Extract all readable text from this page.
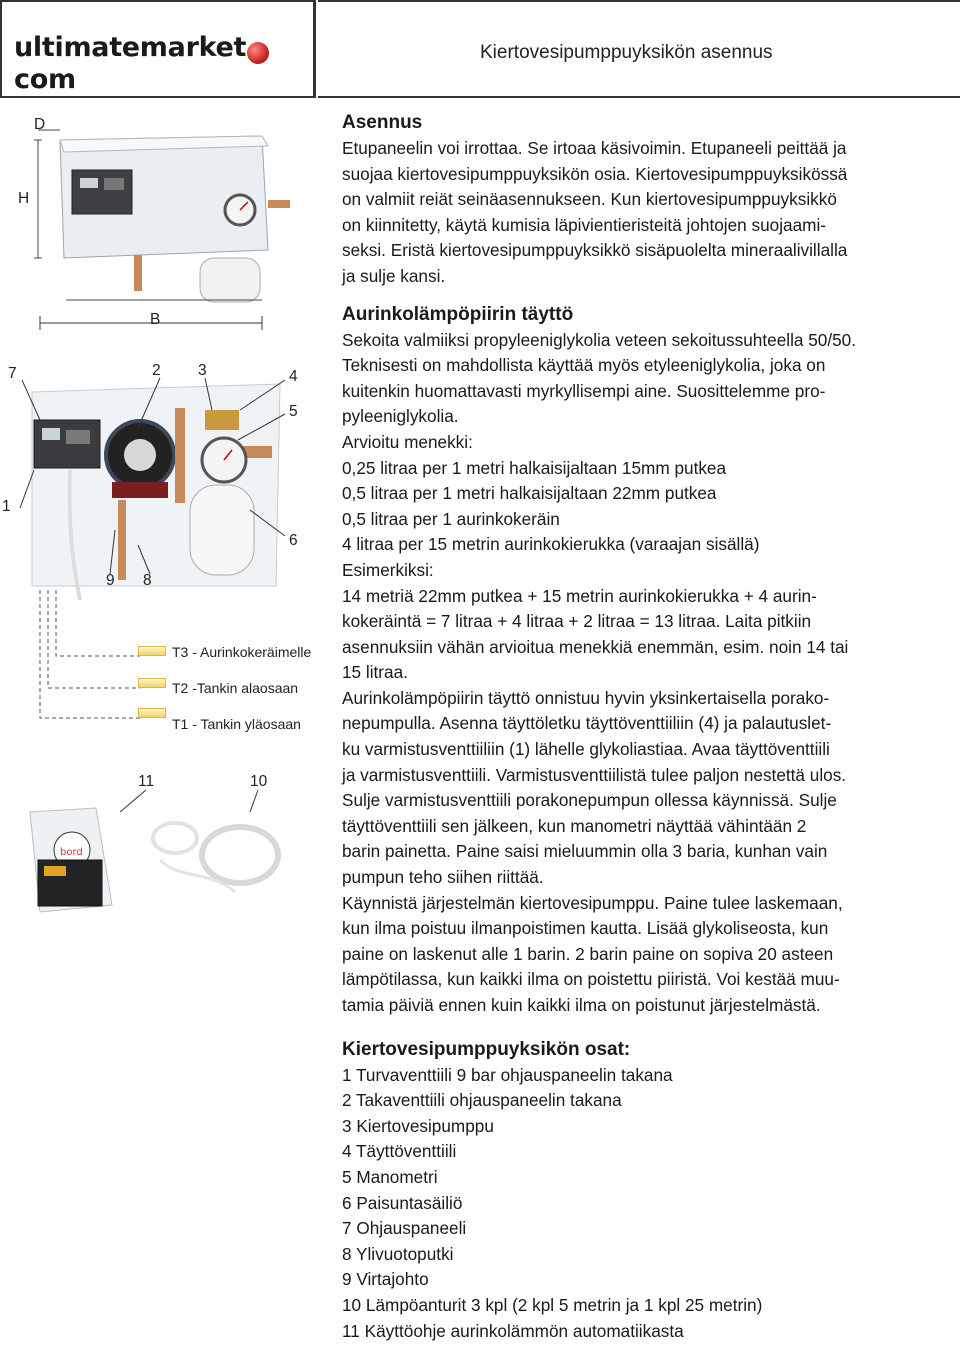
ultimatemarketcom
Kiertovesipumppuyksikön asennus
bord
D
H
B
7	2 3	4
5
1
6
9 8
11	10
T3 - Aurinkokeräimelle
T2 -Tankin alaosaan
T1 - Tankin yläosaan
Asennus

Etupaneelin voi irrottaa. Se irtoaa käsivoimin. Etupaneeli peittää ja

suojaa kiertovesipumppuyksikön osia. Kiertovesipumppuyksikössä

on valmiit reiät seinäasennukseen. Kun kiertovesipumppuyksikkö

on kiinnitetty, käytä kumisia läpivientieristeitä johtojen suojaami-

seksi. Eristä kiertovesipumppuyksikkö sisäpuolelta mineraalivillalla

ja sulje kansi.

Aurinkolämpöpiirin täyttö

Sekoita valmiiksi propyleeniglykolia veteen sekoitussuhteella 50/50.

Teknisesti on mahdollista käyttää myös etyleeniglykolia, joka on

kuitenkin huomattavasti myrkyllisempi aine. Suosittelemme pro-

pyleeniglykolia.

Arvioitu menekki:

0,25 litraa per 1 metri halkaisijaltaan 15mm putkea

0,5 litraa per 1 metri halkaisijaltaan 22mm putkea

0,5 litraa per 1 aurinkokeräin

4 litraa per 15 metrin aurinkokierukka (varaajan sisällä)

Esimerkiksi:

14 metriä 22mm putkea + 15 metrin aurinkokierukka + 4 aurin-

kokeräintä = 7 litraa + 4 litraa + 2 litraa = 13 litraa. Laita pitkiin

asennuksiin vähän arvioitua menekkiä enemmän, esim. noin 14 tai

15 litraa.

Aurinkolämpöpiirin täyttö onnistuu hyvin yksinkertaisella porako-

nepumpulla. Asenna täyttöletku täyttöventtiiliin (4) ja palautuslet-

ku varmistusventtiiliin (1) lähelle glykoliastiaa. Avaa täyttöventtiili

ja varmistusventtiili. Varmistusventtiilistä tulee paljon nestettä ulos.

Sulje varmistusventtiili porakonepumpun ollessa käynnissä. Sulje

täyttöventtiili sen jälkeen, kun manometri näyttää vähintään 2

barin painetta. Paine saisi mieluummin olla 3 baria, kunhan vain

pumpun teho siihen riittää.

Käynnistä järjestelmän kiertovesipumppu. Paine tulee laskemaan,

kun ilma poistuu ilmanpoistimen kautta. Lisää glykoliseosta, kun

paine on laskenut alle 1 barin. 2 barin paine on sopiva 20 asteen

lämpötilassa, kun kaikki ilma on poistettu piiristä. Voi kestää muu-

tamia päiviä ennen kuin kaikki ilma on poistunut järjestelmästä.

Kiertovesipumppuyksikön osat:

1 Turvaventtiili 9 bar ohjauspaneelin takana

2 Takaventtiili ohjauspaneelin takana

3 Kiertovesipumppu

4 Täyttöventtiili

5 Manometri

6 Paisuntasäiliö

7 Ohjauspaneeli

8 Ylivuotoputki

9 Virtajohto

10 Lämpöanturit 3 kpl (2 kpl 5 metrin ja 1 kpl 25 metrin)

11 Käyttöohje aurinkolämmön automatiikasta
